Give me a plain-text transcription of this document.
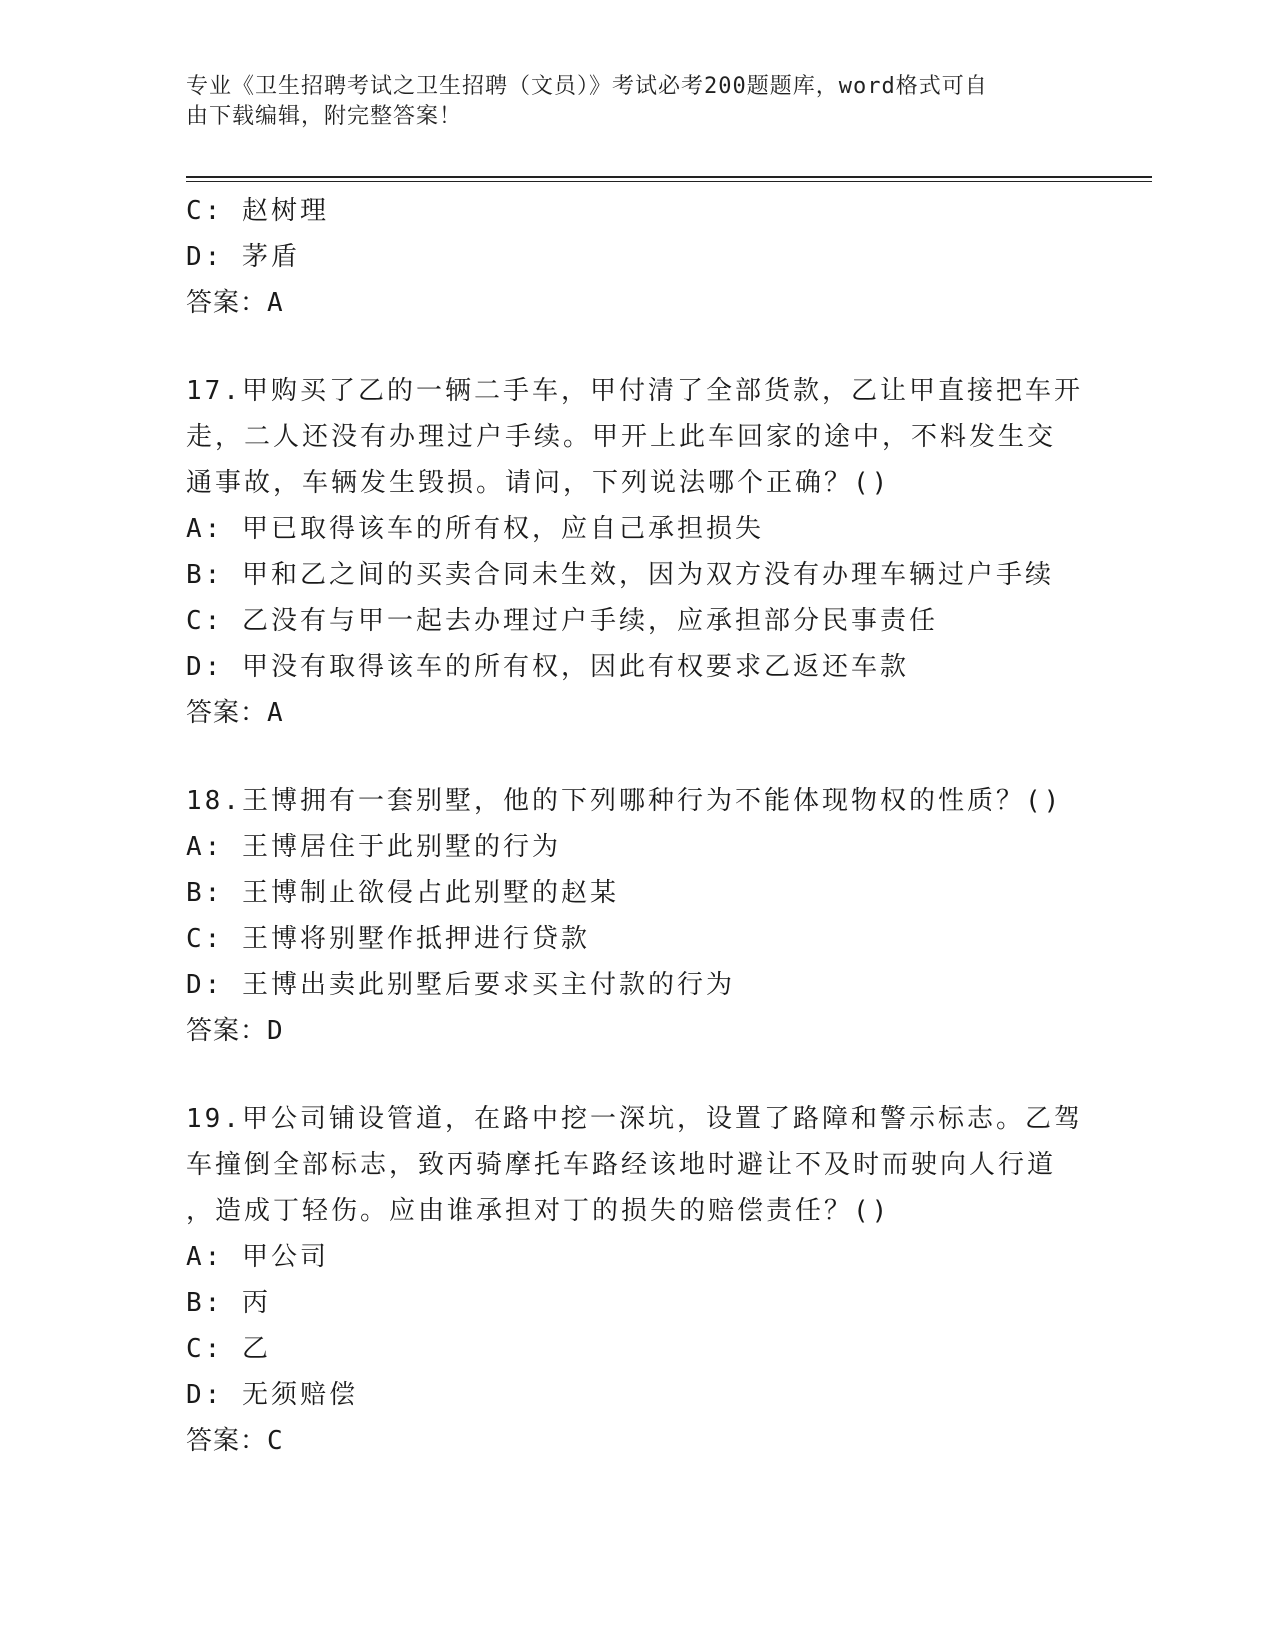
专业《卫生招聘考试之卫生招聘（文员）》考试必考200题题库，word格式可自
由下载编辑，附完整答案！
C: 赵树理
D: 茅盾
答案：A
17.甲购买了乙的一辆二手车，甲付清了全部货款，乙让甲直接把车开
走，二人还没有办理过户手续。甲开上此车回家的途中，不料发生交
通事故，车辆发生毁损。请问，下列说法哪个正确？()
A: 甲已取得该车的所有权，应自己承担损失
B: 甲和乙之间的买卖合同未生效，因为双方没有办理车辆过户手续
C: 乙没有与甲一起去办理过户手续，应承担部分民事责任
D: 甲没有取得该车的所有权，因此有权要求乙返还车款
答案：A
18.王博拥有一套别墅，他的下列哪种行为不能体现物权的性质？()
A: 王博居住于此别墅的行为
B: 王博制止欲侵占此别墅的赵某
C: 王博将别墅作抵押进行贷款
D: 王博出卖此别墅后要求买主付款的行为
答案：D
19.甲公司铺设管道，在路中挖一深坑，设置了路障和警示标志。乙驾
车撞倒全部标志，致丙骑摩托车路经该地时避让不及时而驶向人行道
，造成丁轻伤。应由谁承担对丁的损失的赔偿责任？()
A: 甲公司
B: 丙
C: 乙
D: 无须赔偿
答案：C
